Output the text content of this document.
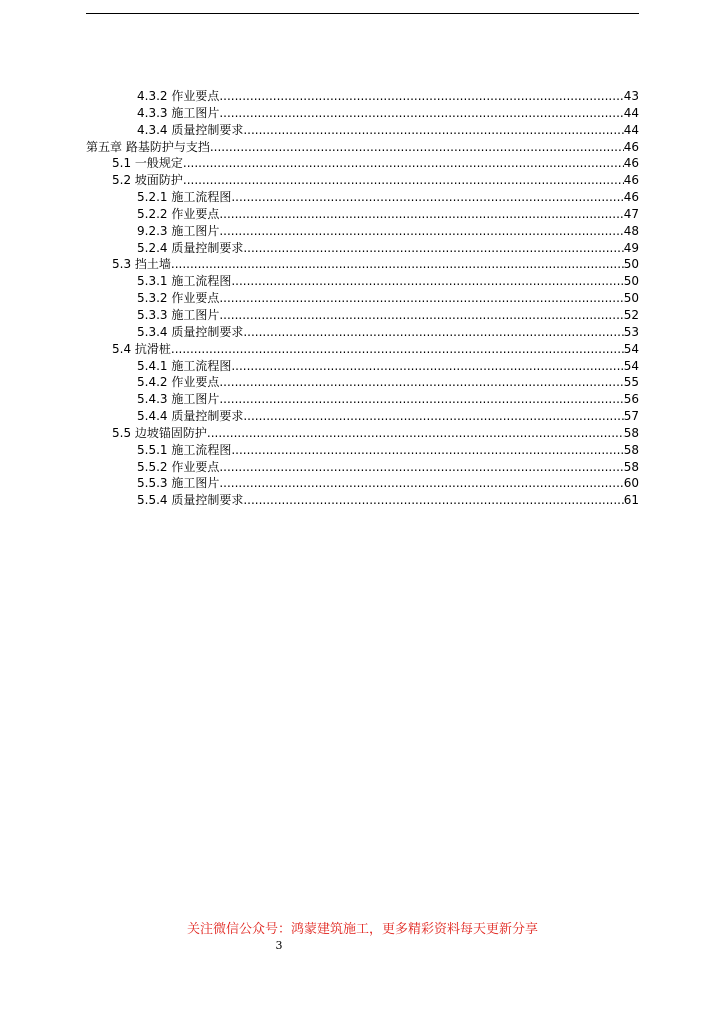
4.3.2 作业要点 .....	43
4.3.3 施工图片 .....	44
4.3.4 质量控制要求 .....	44
第五章 路基防护与支挡 .....	46
5.1 一般规定 .....	46
5.2 坡面防护 .....	46
5.2.1 施工流程图 .....	46
5.2.2 作业要点 .....	47
9.2.3 施工图片 .....	48
5.2.4 质量控制要求 .....	49
5.3 挡土墙 .....	50
5.3.1 施工流程图 .....	50
5.3.2 作业要点 .....	50
5.3.3 施工图片 .....	52
5.3.4 质量控制要求 .....	53
5.4 抗滑桩 .....	54
5.4.1 施工流程图 .....	54
5.4.2 作业要点 .....	55
5.4.3 施工图片 .....	56
5.4.4 质量控制要求 .....	57
5.5 边坡锚固防护 .....	58
5.5.1 施工流程图 .....	58
5.5.2 作业要点 .....	58
5.5.3 施工图片 .....	60
5.5.4 质量控制要求 .....	61
关注微信公众号：鸿蒙建筑施工，更多精彩资料每天更新分享
3
